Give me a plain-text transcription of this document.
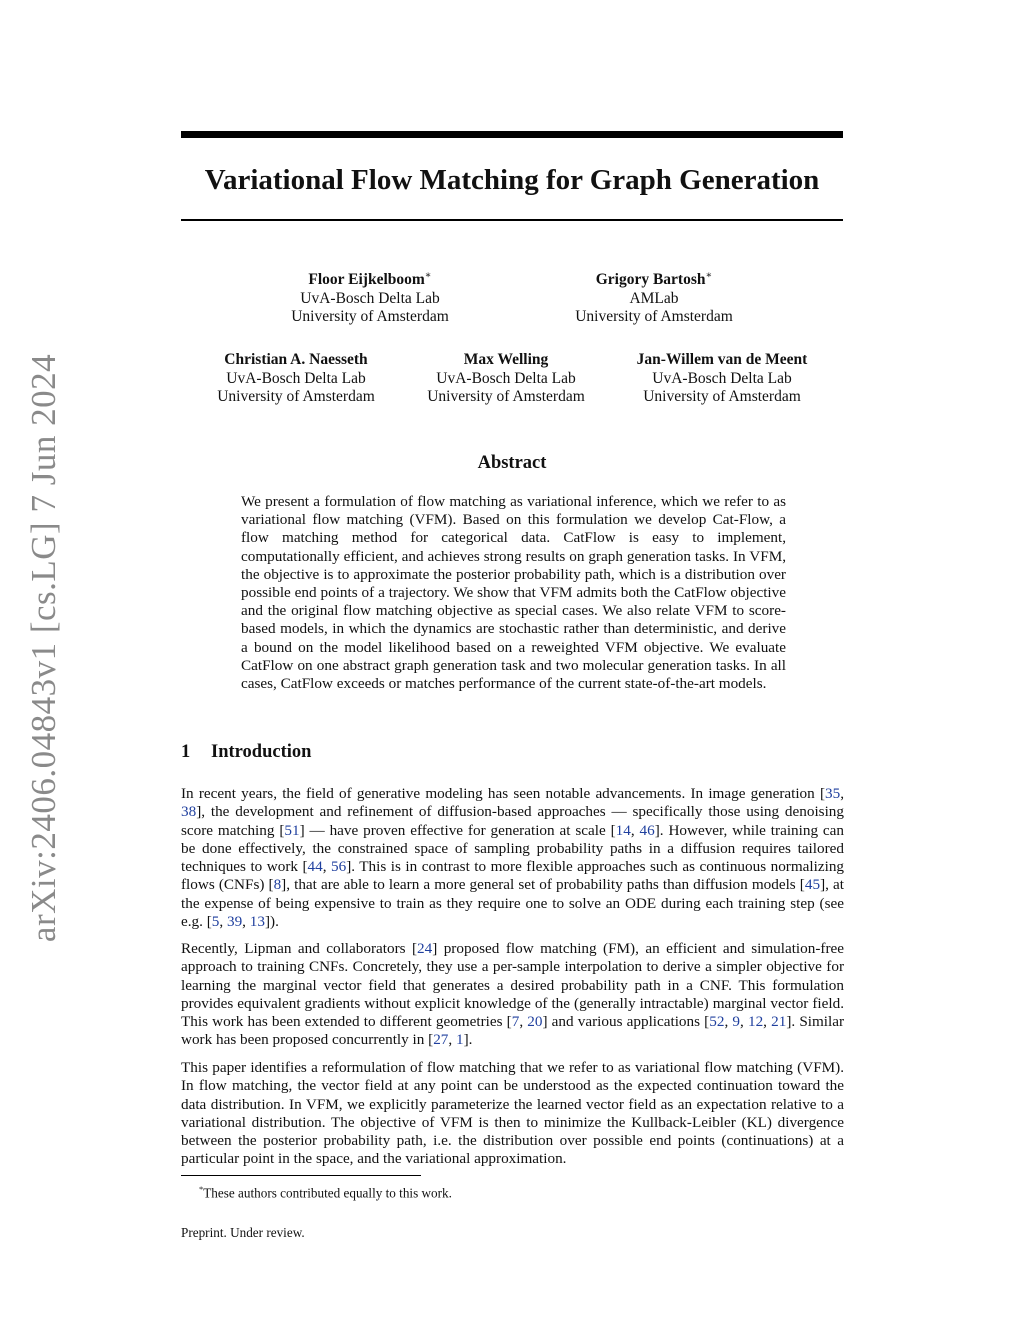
arXiv:2406.04843v1 [cs.LG] 7 Jun 2024
Variational Flow Matching for Graph Generation
Floor Eijkelboom∗
UvA-Bosch Delta Lab
University of Amsterdam
Grigory Bartosh∗
AMLab
University of Amsterdam
Christian A. Naesseth
UvA-Bosch Delta Lab
University of Amsterdam
Max Welling
UvA-Bosch Delta Lab
University of Amsterdam
Jan-Willem van de Meent
UvA-Bosch Delta Lab
University of Amsterdam
Abstract

We present a formulation of flow matching as variational inference, which we refer to as variational flow matching (VFM). Based on this formulation we develop Cat-Flow, a flow matching method for categorical data. CatFlow is easy to implement, computationally efficient, and achieves strong results on graph generation tasks. In VFM, the objective is to approximate the posterior probability path, which is a distribution over possible end points of a trajectory. We show that VFM admits both the CatFlow objective and the original flow matching objective as special cases. We also relate VFM to score-based models, in which the dynamics are stochastic rather than deterministic, and derive a bound on the model likelihood based on a reweighted VFM objective. We evaluate CatFlow on one abstract graph generation task and two molecular generation tasks. In all cases, CatFlow exceeds or matches performance of the current state-of-the-art models.

1 Introduction

In recent years, the field of generative modeling has seen notable advancements. In image generation [35, 38], the development and refinement of diffusion-based approaches — specifically those using denoising score matching [51] — have proven effective for generation at scale [14, 46]. However, while training can be done effectively, the constrained space of sampling probability paths in a diffusion requires tailored techniques to work [44, 56]. This is in contrast to more flexible approaches such as continuous normalizing flows (CNFs) [8], that are able to learn a more general set of probability paths than diffusion models [45], at the expense of being expensive to train as they require one to solve an ODE during each training step (see e.g. [5, 39, 13]).

Recently, Lipman and collaborators [24] proposed flow matching (FM), an efficient and simulation-free approach to training CNFs. Concretely, they use a per-sample interpolation to derive a simpler objective for learning the marginal vector field that generates a desired probability path in a CNF. This formulation provides equivalent gradients without explicit knowledge of the (generally intractable) marginal vector field. This work has been extended to different geometries [7, 20] and various applications [52, 9, 12, 21]. Similar work has been proposed concurrently in [27, 1].

This paper identifies a reformulation of flow matching that we refer to as variational flow matching (VFM). In flow matching, the vector field at any point can be understood as the expected continuation toward the data distribution. In VFM, we explicitly parameterize the learned vector field as an expectation relative to a variational distribution. The objective of VFM is then to minimize the Kullback-Leibler (KL) divergence between the posterior probability path, i.e. the distribution over possible end points (continuations) at a particular point in the space, and the variational approximation.

*These authors contributed equally to this work.

Preprint. Under review.
